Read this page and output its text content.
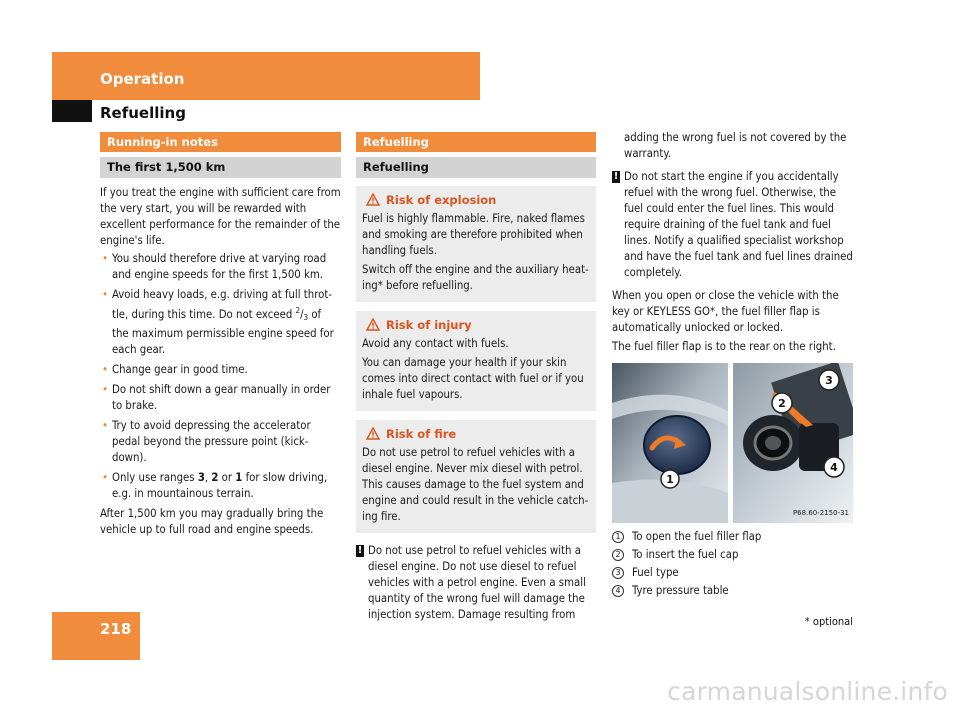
Operation
Refuelling
Running-in notes
The first 1,500 km

If you treat the engine with sufficient care from the very start, you will be rewarded with excellent performance for the remainder of the engine's life.

• You should therefore drive at varying road and engine speeds for the first 1,500 km.
• Avoid heavy loads, e.g. driving at full throt-tle, during this time. Do not exceed $^2/_3$ of the maximum permissible engine speed for each gear.
• Change gear in good time.
• Do not shift down a gear manually in order to brake.
• Try to avoid depressing the accelerator pedal beyond the pressure point (kick-down).
• Only use ranges 3, 2 or 1 for slow driving, e.g. in mountainous terrain.

After 1,500 km you may gradually bring the vehicle up to full road and engine speeds.

Refuelling
Refuelling
Risk of explosion

Fuel is highly flammable. Fire, naked flames and smoking are therefore prohibited when handling fuels.

Switch off the engine and the auxiliary heat-ing* before refuelling.

Risk of injury

Avoid any contact with fuels.

You can damage your health if your skin comes into direct contact with fuel or if you inhale fuel vapours.

Risk of fire

Do not use petrol to refuel vehicles with a diesel engine. Never mix diesel with petrol. This causes damage to the fuel system and engine and could result in the vehicle catch-ing fire.

! Do not use petrol to refuel vehicles with a diesel engine. Do not use diesel to refuel vehicles with a petrol engine. Even a small quantity of the wrong fuel will damage the injection system. Damage resulting from

adding the wrong fuel is not covered by the warranty.

! Do not start the engine if you accidentally refuel with the wrong fuel. Otherwise, the fuel could enter the fuel lines. This would require draining of the fuel tank and fuel lines. Notify a qualified specialist workshop and have the fuel tank and fuel lines drained completely.

When you open or close the vehicle with the key or KEYLESS GO*, the fuel filler flap is automatically unlocked or locked.

The fuel filler flap is to the rear on the right.

1
3
2
4
P68.60-2150-31
1	To open the fuel filler flap
2	To insert the fuel cap
3	Fuel type
4	Tyre pressure table
218	* optional
carmanualsonline.info
